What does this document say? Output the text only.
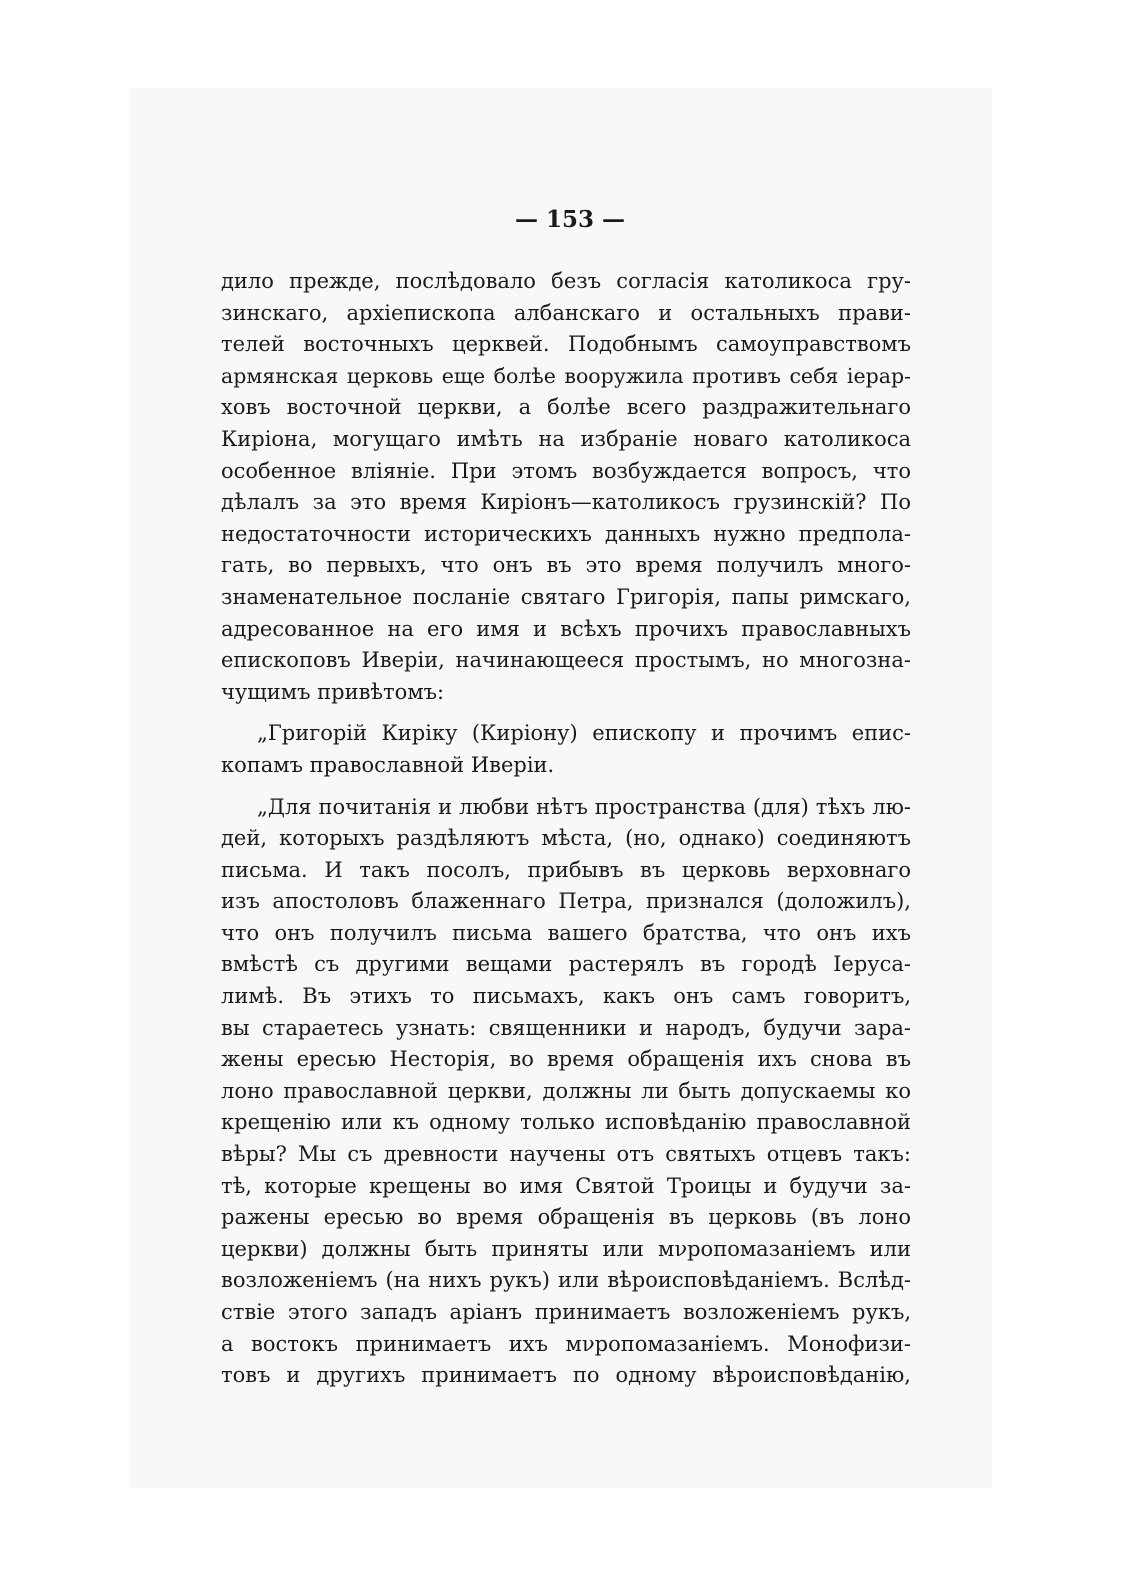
— 153 —
дило прежде, послѣдовало безъ согласія католикоса гру-
зинскаго, архіепископа албанскаго и остальныхъ прави-
телей восточныхъ церквей. Подобнымъ самоуправствомъ
армянская церковь еще болѣе вооружила противъ себя іерар-
ховъ восточной церкви, а болѣе всего раздражительнаго
Киріона, могущаго имѣть на избраніе новаго католикоса
особенное вліяніе. При этомъ возбуждается вопросъ, что
дѣлалъ за это время Киріонъ—католикосъ грузинскій? По
недостаточности историческихъ данныхъ нужно предпола-
гать, во первыхъ, что онъ въ это время получилъ много-
знаменательное посланіе святаго Григорія, папы римскаго,
адресованное на его имя и всѣхъ прочихъ православныхъ
епископовъ Иверіи, начинающееся простымъ, но многозна-
чущимъ привѣтомъ:
„Григорій Кирiку (Киріону) епископу и прочимъ епис-
копамъ православной Иверіи.
„Для почитанія и любви нѣтъ пространства (для) тѣхъ лю-
дей, которыхъ раздѣляютъ мѣста, (но, однако) соединяютъ
письма. И такъ посолъ, прибывъ въ церковь верховнаго
изъ апостоловъ блаженнаго Петра, признался (доложилъ),
что онъ получилъ письма вашего братства, что онъ ихъ
вмѣстѣ съ другими вещами растерялъ въ городѣ Іерусa-
лимѣ. Въ этихъ то письмахъ, какъ онъ самъ говоритъ,
вы стараетесь узнать: священники и народъ, будучи зара-
жены ересью Несторія, во время обращенія ихъ снова въ
лоно православной церкви, должны ли быть допускаемы ко
крещенію или къ одному только исповѣданію православной
вѣры? Мы съ древности научены отъ святыхъ отцевъ такъ:
тѣ, которые крещены во имя Святой Троицы и будучи за-
ражены ересью во время обращенія въ церковь (въ лоно
церкви) должны быть приняты или мνропомазаніемъ или
возложеніемъ (на нихъ рукъ) или вѣроисповѣданіемъ. Вслѣд-
ствіе этого западъ аріанъ принимаетъ возложеніемъ рукъ,
а востокъ принимаетъ ихъ мνропомазаніемъ. Монофизи-
товъ и другихъ принимаетъ по одному вѣроисповѣданію,
